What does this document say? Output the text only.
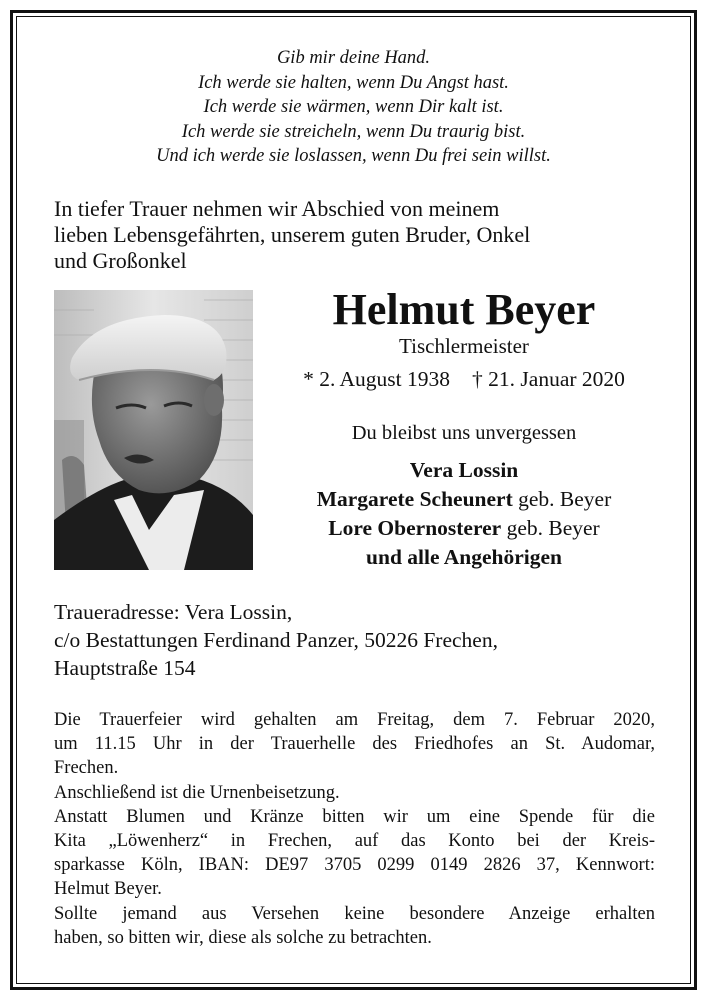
Gib mir deine Hand.
Ich werde sie halten, wenn Du Angst hast.
Ich werde sie wärmen, wenn Dir kalt ist.
Ich werde sie streicheln, wenn Du traurig bist.
Und ich werde sie loslassen, wenn Du frei sein willst.
In tiefer Trauer nehmen wir Abschied von meinem
lieben Lebensgefährten, unserem guten Bruder, Onkel
und Großonkel
Helmut Beyer
Tischlermeister
* 2. August 1938 † 21. Januar 2020
Du bleibst uns unvergessen
Vera Lossin
Margarete Scheunert geb. Beyer
Lore Obernosterer geb. Beyer
und alle Angehörigen
Traueradresse: Vera Lossin,
c/o Bestattungen Ferdinand Panzer, 50226 Frechen,
Hauptstraße 154
Die Trauerfeier wird gehalten am Freitag, dem 7. Februar 2020,
um 11.15 Uhr in der Trauerhelle des Friedhofes an St. Audomar,
Frechen.
Anschließend ist die Urnenbeisetzung.
Anstatt Blumen und Kränze bitten wir um eine Spende für die
Kita „Löwenherz“ in Frechen, auf das Konto bei der Kreis-
sparkasse Köln, IBAN: DE97 3705 0299 0149 2826 37, Kennwort:
Helmut Beyer.
Sollte jemand aus Versehen keine besondere Anzeige erhalten
haben, so bitten wir, diese als solche zu betrachten.
